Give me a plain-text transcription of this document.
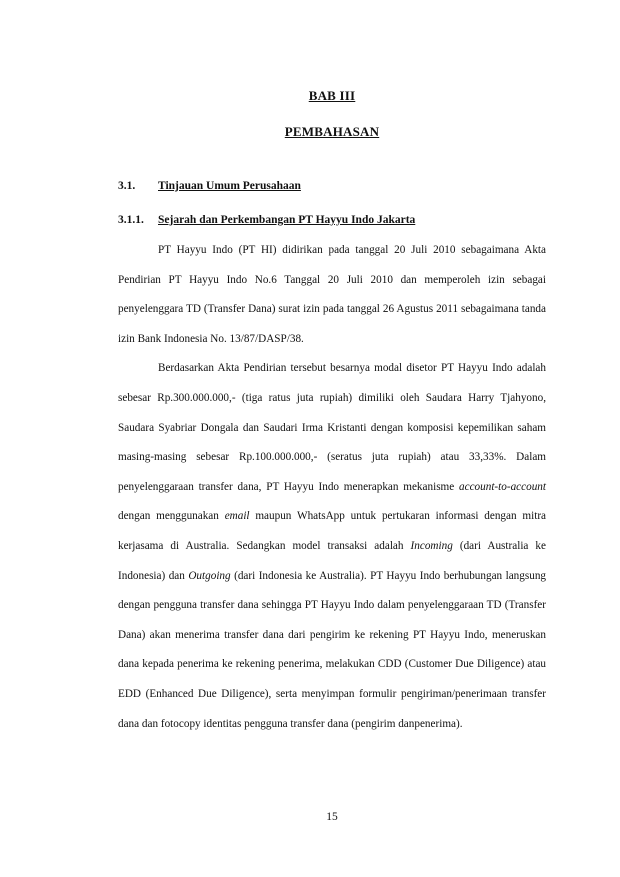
BAB III
PEMBAHASAN
3.1. Tinjauan Umum Perusahaan
3.1.1. Sejarah dan Perkembangan PT Hayyu Indo Jakarta

PT Hayyu Indo (PT HI) didirikan pada tanggal 20 Juli 2010 sebagaimana Akta Pendirian PT Hayyu Indo No.6 Tanggal 20 Juli 2010 dan memperoleh izin sebagai penyelenggara TD (Transfer Dana) surat izin pada tanggal 26 Agustus 2011 sebagaimana tanda izin Bank Indonesia No. 13/87/DASP/38.

Berdasarkan Akta Pendirian tersebut besarnya modal disetor PT Hayyu Indo adalah sebesar Rp.300.000.000,- (tiga ratus juta rupiah) dimiliki oleh Saudara Harry Tjahyono, Saudara Syabriar Dongala dan Saudari Irma Kristanti dengan komposisi kepemilikan saham masing-masing sebesar Rp.100.000.000,- (seratus juta rupiah) atau 33,33%. Dalam penyelenggaraan transfer dana, PT Hayyu Indo menerapkan mekanisme account-to-account dengan menggunakan email maupun WhatsApp untuk pertukaran informasi dengan mitra kerjasama di Australia. Sedangkan model transaksi adalah Incoming (dari Australia ke Indonesia) dan Outgoing (dari Indonesia ke Australia). PT Hayyu Indo berhubungan langsung dengan pengguna transfer dana sehingga PT Hayyu Indo dalam penyelenggaraan TD (Transfer Dana) akan menerima transfer dana dari pengirim ke rekening PT Hayyu Indo, meneruskan dana kepada penerima ke rekening penerima, melakukan CDD (Customer Due Diligence) atau EDD (Enhanced Due Diligence), serta menyimpan formulir pengiriman/penerimaan transfer dana dan fotocopy identitas pengguna transfer dana (pengirim danpenerima).

15
